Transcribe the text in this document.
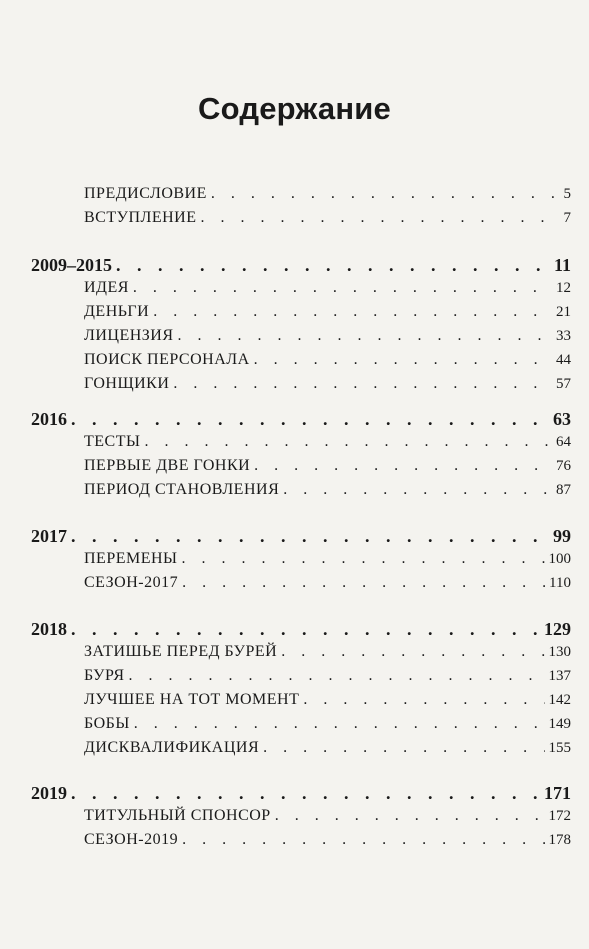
Содержание
ПРЕДИСЛОВИЕ . . .	5
ВСТУПЛЕНИЕ . . .	7
2009–2015 . . .	11
ИДЕЯ . . .	12
ДЕНЬГИ . . .	21
ЛИЦЕНЗИЯ . . .	33
ПОИСК ПЕРСОНАЛА . . .	44
ГОНЩИКИ . . .	57
2016 . . .	63
ТЕСТЫ . . .	64
ПЕРВЫЕ ДВЕ ГОНКИ . . .	76
ПЕРИОД СТАНОВЛЕНИЯ . . .	87
2017 . . .	99
ПЕРЕМЕНЫ . . .	100
СЕЗОН-2017 . . .	110
2018 . . .	129
ЗАТИШЬЕ ПЕРЕД БУРЕЙ . . .	130
БУРЯ . . .	137
ЛУЧШЕЕ НА ТОТ МОМЕНТ . . .	142
БОБЫ . . .	149
ДИСКВАЛИФИКАЦИЯ . . .	155
2019 . . .	171
ТИТУЛЬНЫЙ СПОНСОР . . .	172
СЕЗОН-2019 . . .	178
